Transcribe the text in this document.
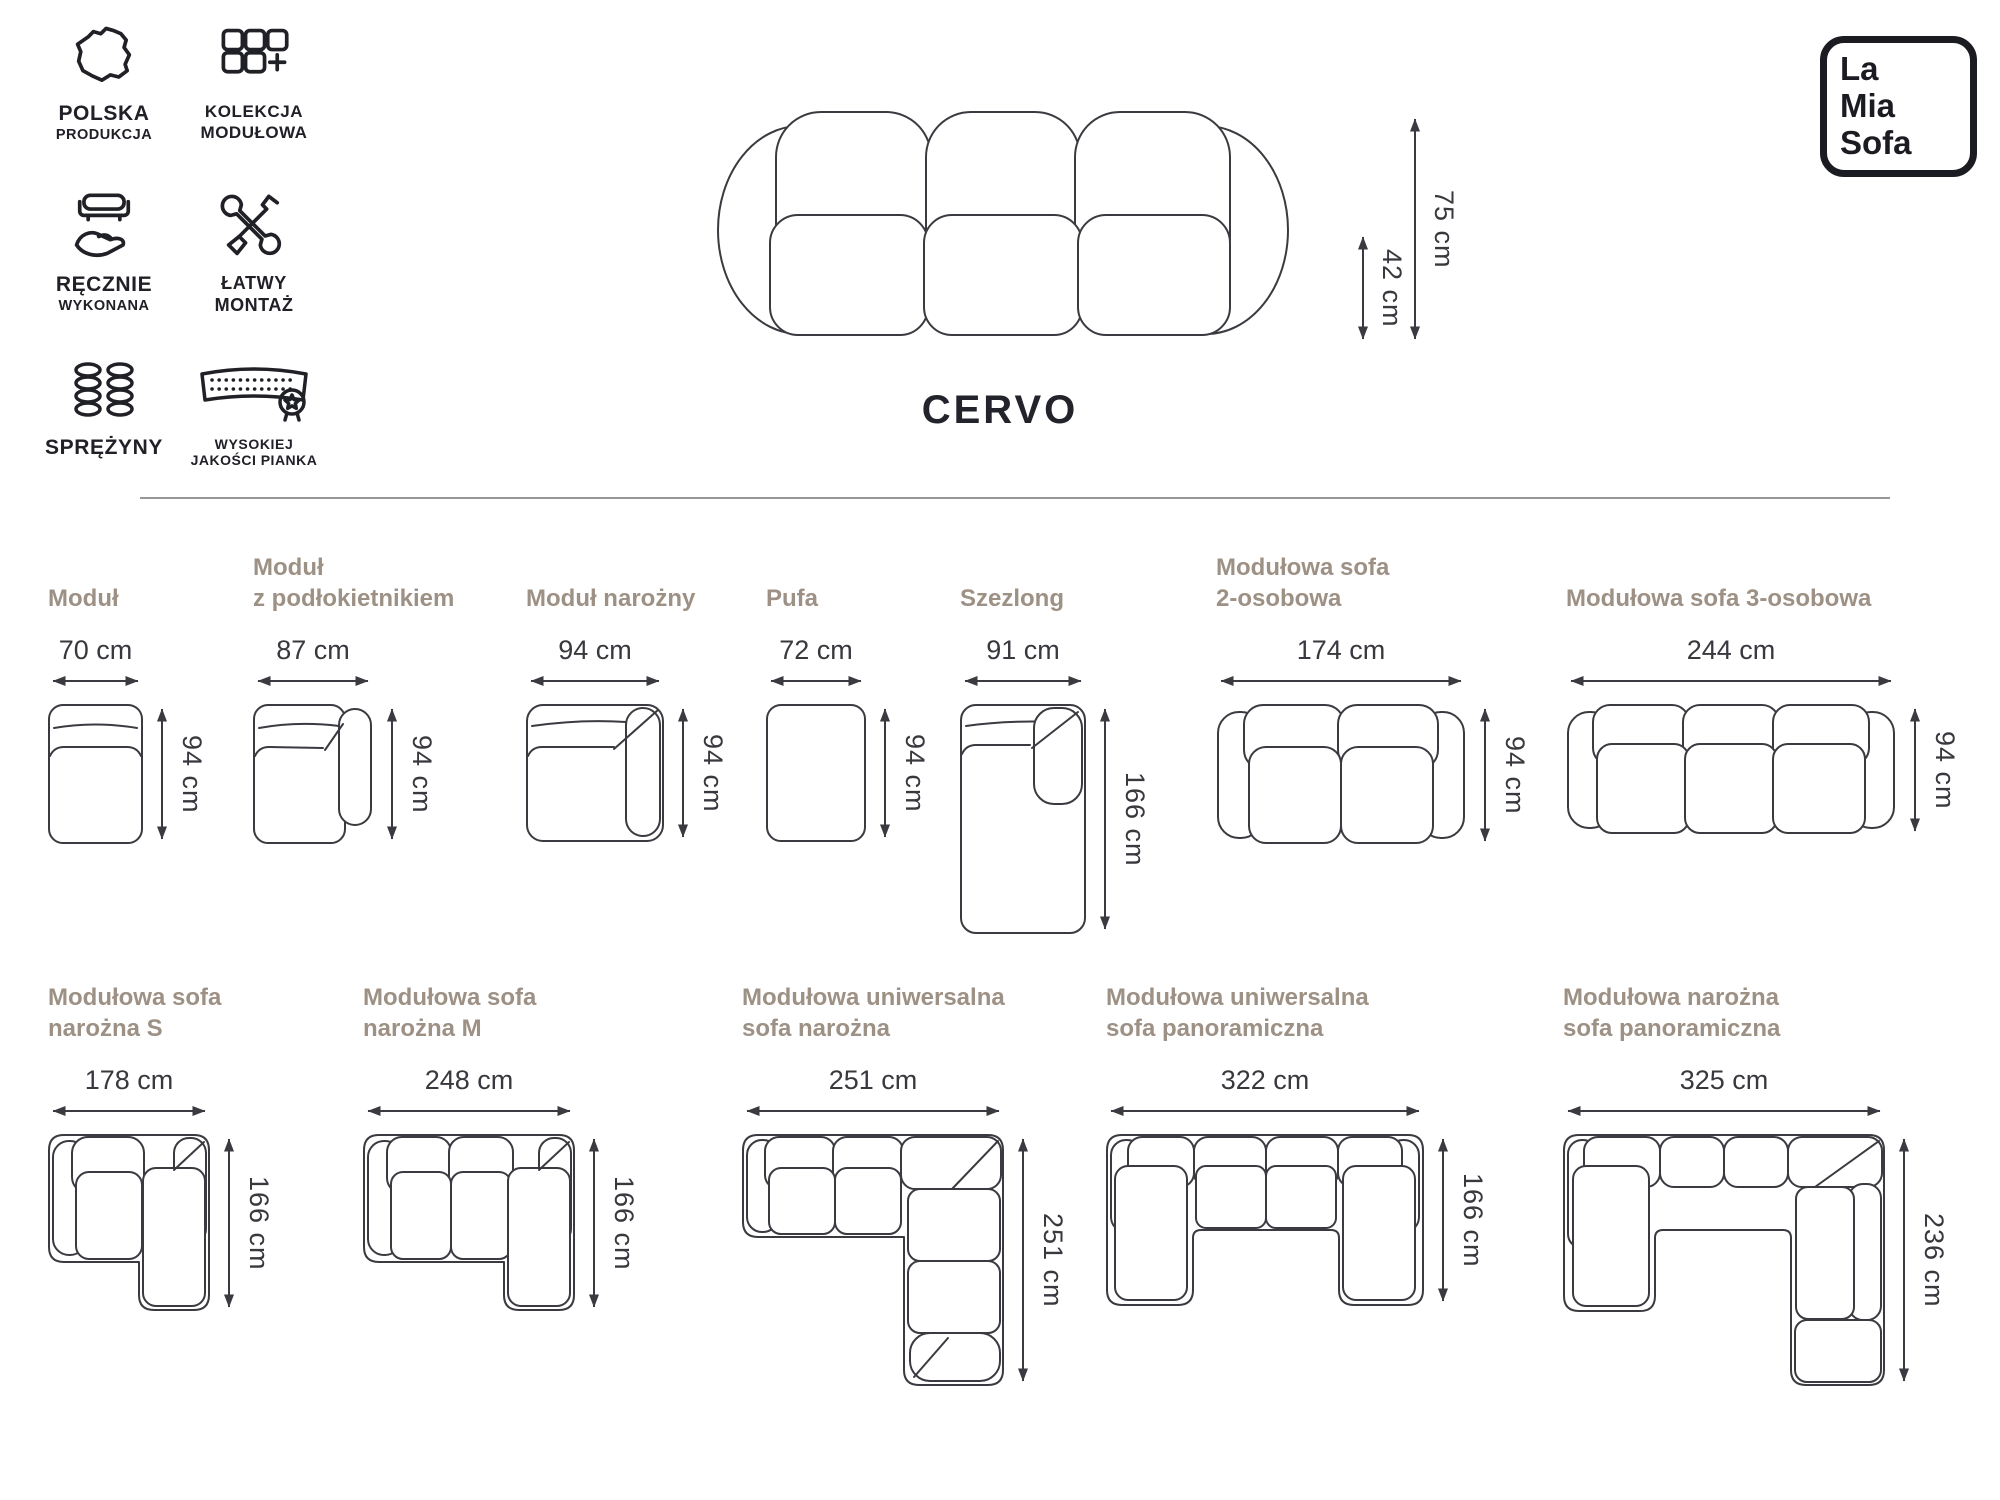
POLSKA
PRODUKCJA
KOLEKCJA
MODUŁOWA
RĘCZNIE
WYKONANA
ŁATWY
MONTAŻ
SPRĘŻYNY	WYSOKIEJ
JAKOŚCI PIANKA
42 cm
75 cm
CERVO
La
Mia
Sofa
Moduł
70 cm
94 cm
Moduł
z podłokietnikiem
87 cm
94 cm
Moduł narożny
94 cm
94 cm
Pufa
72 cm
94 cm
Szezlong
91 cm
166 cm
Modułowa sofa
2-osobowa
174 cm
94 cm
Modułowa sofa 3-osobowa
244 cm
94 cm
Modułowa sofa
narożna S
178 cm
166 cm
Modułowa sofa
narożna M
248 cm
166 cm
Modułowa uniwersalna
sofa narożna
251 cm
251 cm
Modułowa uniwersalna
sofa panoramiczna
322 cm
166 cm
Modułowa narożna
sofa panoramiczna
325 cm
236 cm
